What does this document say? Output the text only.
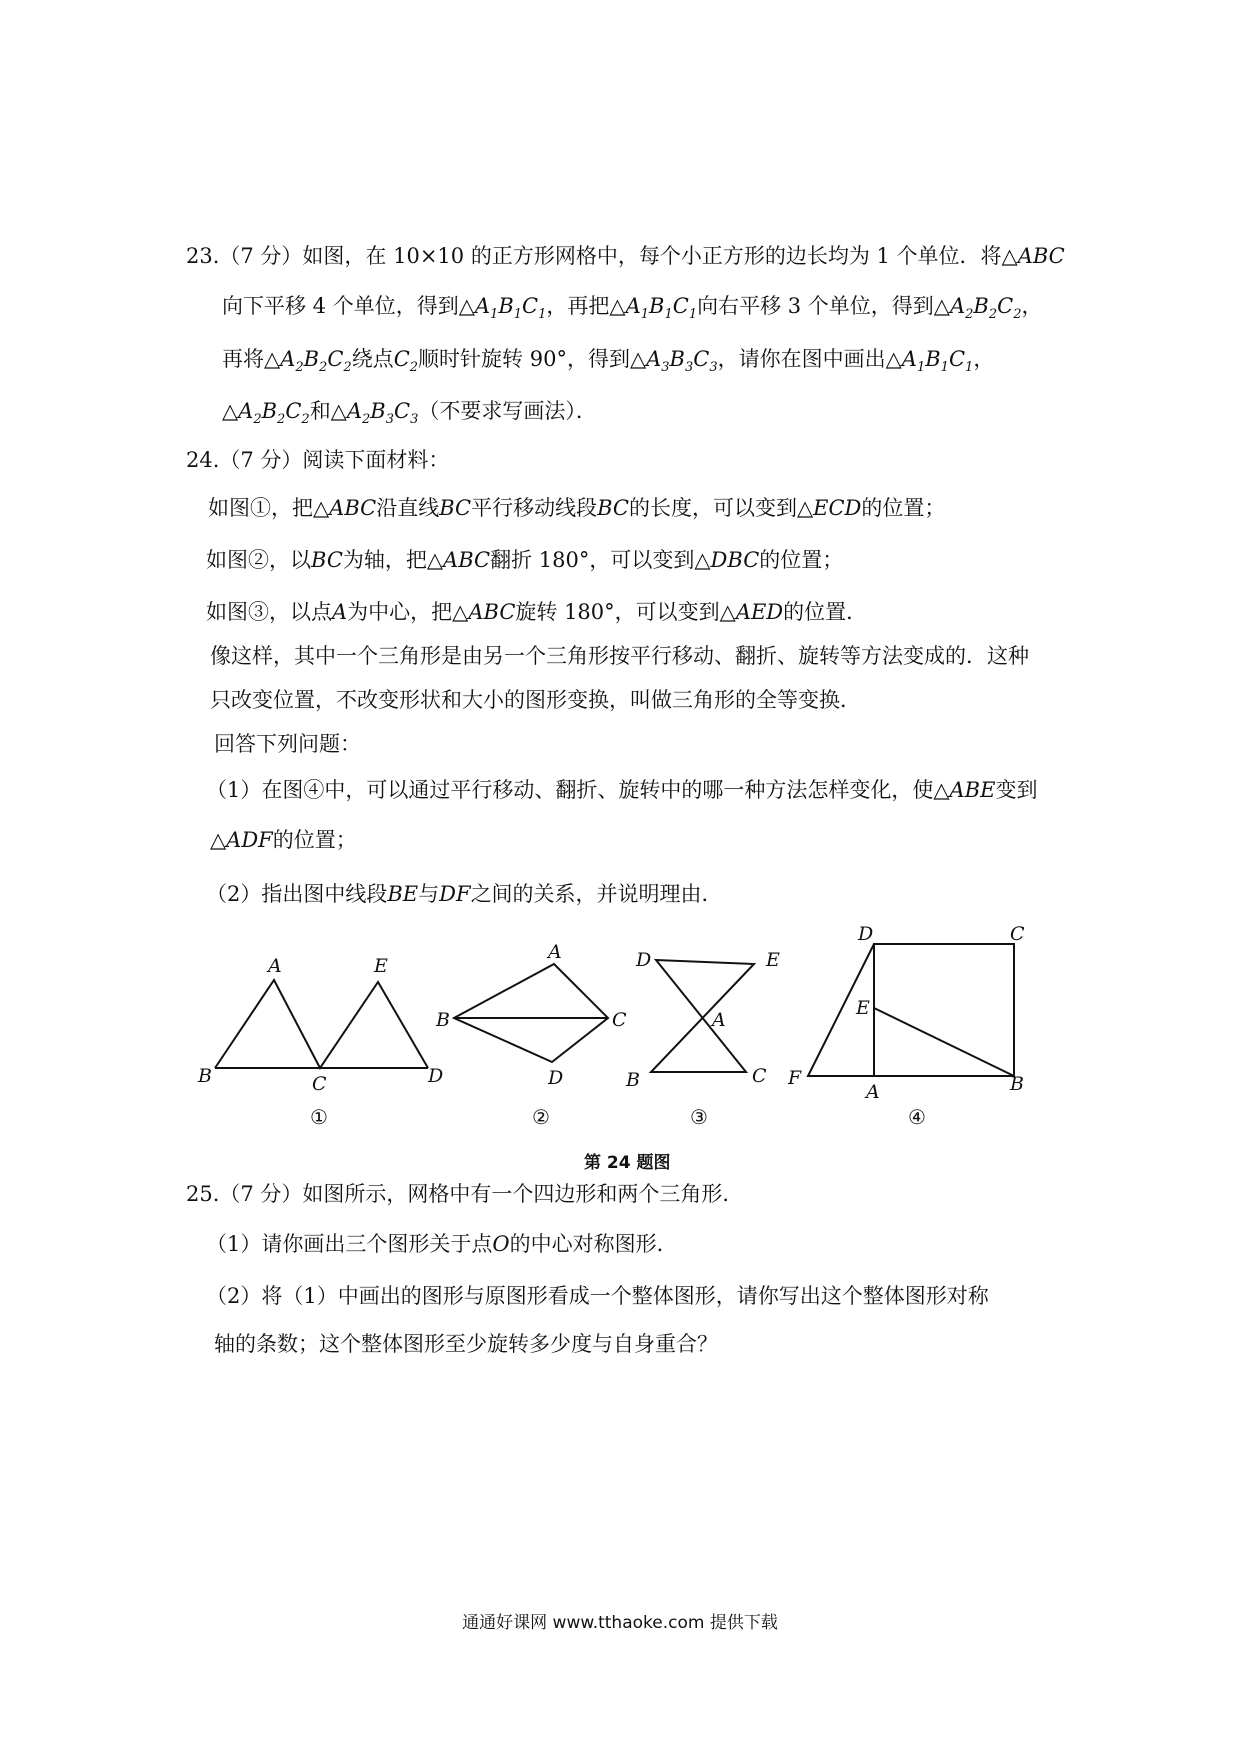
23.（7 分）如图，在 10×10 的正方形网格中，每个小正方形的边长均为 1 个单位．将△ABC
向下平移 4 个单位，得到$\triangle A_1B_1C_1$，再把$\triangle A_1B_1C_1$向右平移 3 个单位，得到$\triangle A_2B_2C_2$，
再将$\triangle A_2B_2C_2$绕点$C_2$顺时针旋转 90°，得到$\triangle A_3B_3C_3$，请你在图中画出$\triangle A_1B_1C_1$，
$\triangle A_2B_2C_2$和$\triangle A_2B_3C_3$（不要求写画法）．
24.（7 分）阅读下面材料：
如图①，把△ABC沿直线BC平行移动线段BC的长度，可以变到△ECD的位置；
如图②，以BC为轴，把△ABC翻折 180°，可以变到△DBC的位置；
如图③，以点A为中心，把△ABC旋转 180°，可以变到△AED的位置．
像这样，其中一个三角形是由另一个三角形按平行移动、翻折、旋转等方法变成的．这种
只改变位置，不改变形状和大小的图形变换，叫做三角形的全等变换．
回答下列问题：
（1）在图④中，可以通过平行移动、翻折、旋转中的哪一种方法怎样变化，使△ABE变到
△ADF的位置；
（2）指出图中线段BE与DF之间的关系，并说明理由．
A
B	C	D
E
①
A
B	C
D
②
D	E
A
B	C
③
D	C
E
F
A	B
④
第 24 题图
25.（7 分）如图所示，网格中有一个四边形和两个三角形．
（1）请你画出三个图形关于点O的中心对称图形．
（2）将（1）中画出的图形与原图形看成一个整体图形，请你写出这个整体图形对称
轴的条数；这个整体图形至少旋转多少度与自身重合？
通通好课网 www.tthaoke.com 提供下载
